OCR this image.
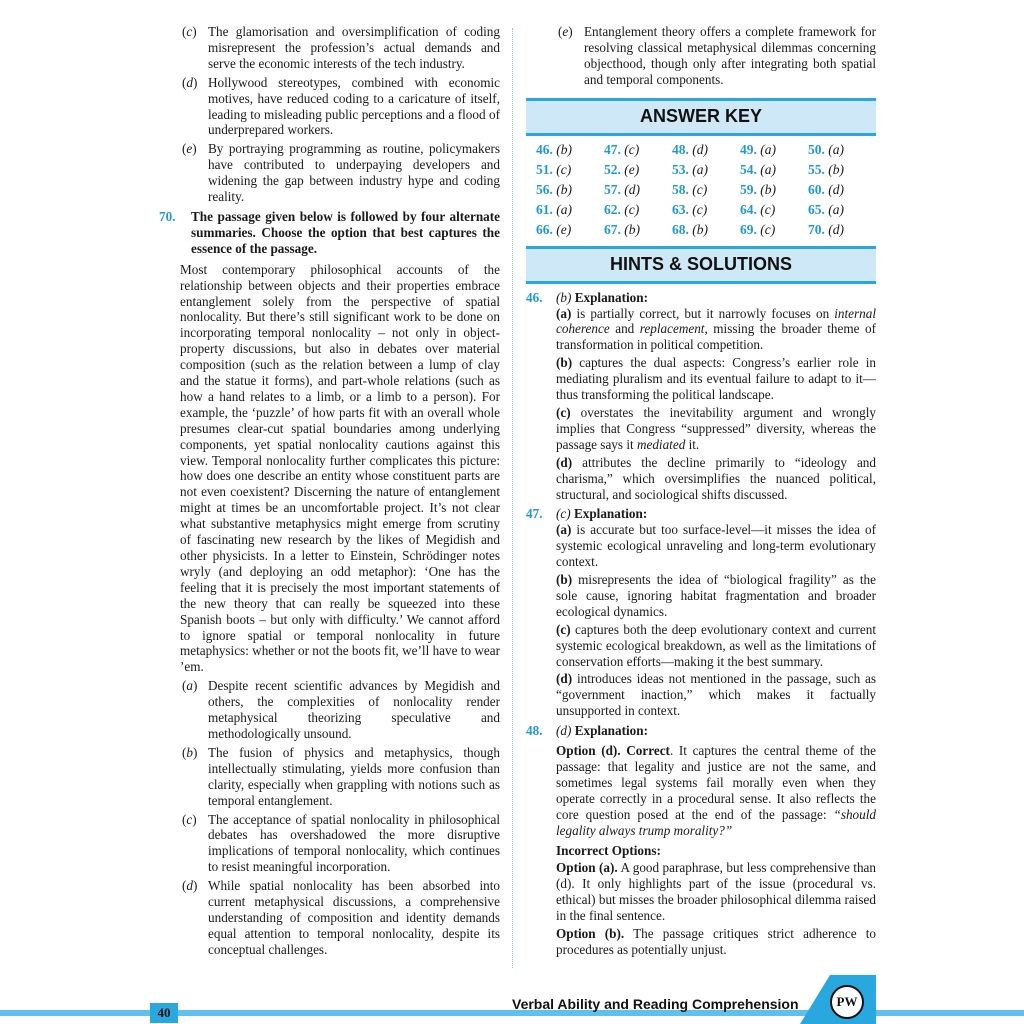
(c) The glamorisation and oversimplification of coding misrepresent the profession’s actual demands and serve the economic interests of the tech industry.
(d) Hollywood stereotypes, combined with economic motives, have reduced coding to a caricature of itself, leading to misleading public perceptions and a flood of underprepared workers.
(e) By portraying programming as routine, policymakers have contributed to underpaying developers and widening the gap between industry hype and coding reality.
70.	The passage given below is followed by four alternate summaries. Choose the option that best captures the essence of the passage.
Most contemporary philosophical accounts of the relationship between objects and their properties embrace entanglement solely from the perspective of spatial nonlocality. But there’s still significant work to be done on incorporating temporal nonlocality – not only in object-property discussions, but also in debates over material composition (such as the relation between a lump of clay and the statue it forms), and part-whole relations (such as how a hand relates to a limb, or a limb to a person). For example, the ‘puzzle’ of how parts fit with an overall whole presumes clear-cut spatial boundaries among underlying components, yet spatial nonlocality cautions against this view. Temporal nonlocality further complicates this picture: how does one describe an entity whose constituent parts are not even coexistent? Discerning the nature of entanglement might at times be an uncomfortable project. It’s not clear what substantive metaphysics might emerge from scrutiny of fascinating new research by the likes of Megidish and other physicists. In a letter to Einstein, Schrödinger notes wryly (and deploying an odd metaphor): ‘One has the feeling that it is precisely the most important statements of the new theory that can really be squeezed into these Spanish boots – but only with difficulty.’ We cannot afford to ignore spatial or temporal nonlocality in future metaphysics: whether or not the boots fit, we’ll have to wear ’em.
(a) Despite recent scientific advances by Megidish and others, the complexities of nonlocality render metaphysical theorizing speculative and methodologically unsound.
(b) The fusion of physics and metaphysics, though intellectually stimulating, yields more confusion than clarity, especially when grappling with notions such as temporal entanglement.
(c) The acceptance of spatial nonlocality in philosophical debates has overshadowed the more disruptive implications of temporal nonlocality, which continues to resist meaningful incorporation.
(d) While spatial nonlocality has been absorbed into current metaphysical discussions, a comprehensive understanding of composition and identity demands equal attention to temporal nonlocality, despite its conceptual challenges.
(e) Entanglement theory offers a complete framework for resolving classical metaphysical dilemmas concerning objecthood, though only after integrating both spatial and temporal components.
ANSWER KEY
46. (b)	47. (c)	48. (d)	49. (a)	50. (a)
51. (c)	52. (e)	53. (a)	54. (a)	55. (b)
56. (b)	57. (d)	58. (c)	59. (b)	60. (d)
61. (a)	62. (c)	63. (c)	64. (c)	65. (a)
66. (e)	67. (b)	68. (b)	69. (c)	70. (d)
HINTS & SOLUTIONS
46.	(b) Explanation:
(a) is partially correct, but it narrowly focuses on internal coherence and replacement, missing the broader theme of transformation in political competition.
(b) captures the dual aspects: Congress’s earlier role in mediating pluralism and its eventual failure to adapt to it—thus transforming the political landscape.
(c) overstates the inevitability argument and wrongly implies that Congress “suppressed” diversity, whereas the passage says it mediated it.
(d) attributes the decline primarily to “ideology and charisma,” which oversimplifies the nuanced political, structural, and sociological shifts discussed.
47.	(c) Explanation:
(a) is accurate but too surface-level—it misses the idea of systemic ecological unraveling and long-term evolutionary context.
(b) misrepresents the idea of “biological fragility” as the sole cause, ignoring habitat fragmentation and broader ecological dynamics.
(c) captures both the deep evolutionary context and current systemic ecological breakdown, as well as the limitations of conservation efforts—making it the best summary.
(d) introduces ideas not mentioned in the passage, such as “government inaction,” which makes it factually unsupported in context.
48.	(d) Explanation:
Option (d). Correct. It captures the central theme of the passage: that legality and justice are not the same, and sometimes legal systems fail morally even when they operate correctly in a procedural sense. It also reflects the core question posed at the end of the passage: “should legality always trump morality?”
Incorrect Options:
Option (a). A good paraphrase, but less comprehensive than (d). It only highlights part of the issue (procedural vs. ethical) but misses the broader philosophical dilemma raised in the final sentence.
Option (b). The passage critiques strict adherence to procedures as potentially unjust.
40
Verbal Ability and Reading Comprehension	PW
